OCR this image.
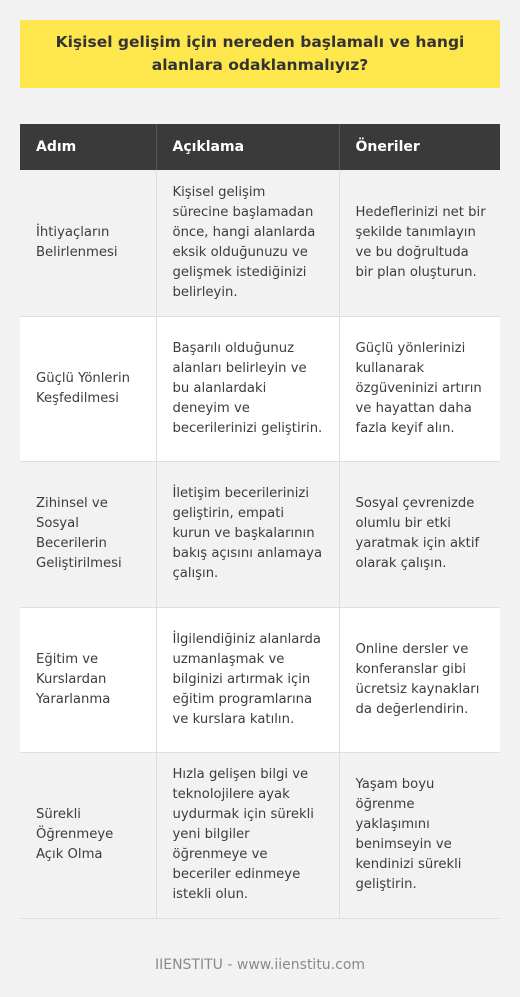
Kişisel gelişim için nereden başlamalı ve hangi alanlara odaklanmalıyız?
Adım	Açıklama	Öneriler
İhtiyaçların Belirlenmesi	Kişisel gelişim sürecine başlamadan önce, hangi alanlarda eksik olduğunuzu ve gelişmek istediğinizi belirleyin.	Hedeflerinizi net bir şekilde tanımlayın ve bu doğrultuda bir plan oluşturun.
Güçlü Yönlerin Keşfedilmesi	Başarılı olduğunuz alanları belirleyin ve bu alanlardaki deneyim ve becerilerinizi geliştirin.	Güçlü yönlerinizi kullanarak özgüveninizi artırın ve hayattan daha fazla keyif alın.
Zihinsel ve Sosyal Becerilerin Geliştirilmesi	İletişim becerilerinizi geliştirin, empati kurun ve başkalarının bakış açısını anlamaya çalışın.	Sosyal çevrenizde olumlu bir etki yaratmak için aktif olarak çalışın.
Eğitim ve Kurslardan Yararlanma	İlgilendiğiniz alanlarda uzmanlaşmak ve bilginizi artırmak için eğitim programlarına ve kurslara katılın.	Online dersler ve konferanslar gibi ücretsiz kaynakları da değerlendirin.
Sürekli Öğrenmeye Açık Olma	Hızla gelişen bilgi ve teknolojilere ayak uydurmak için sürekli yeni bilgiler öğrenmeye ve beceriler edinmeye istekli olun.	Yaşam boyu öğrenme yaklaşımını benimseyin ve kendinizi sürekli geliştirin.
IIENSTITU - www.iienstitu.com
